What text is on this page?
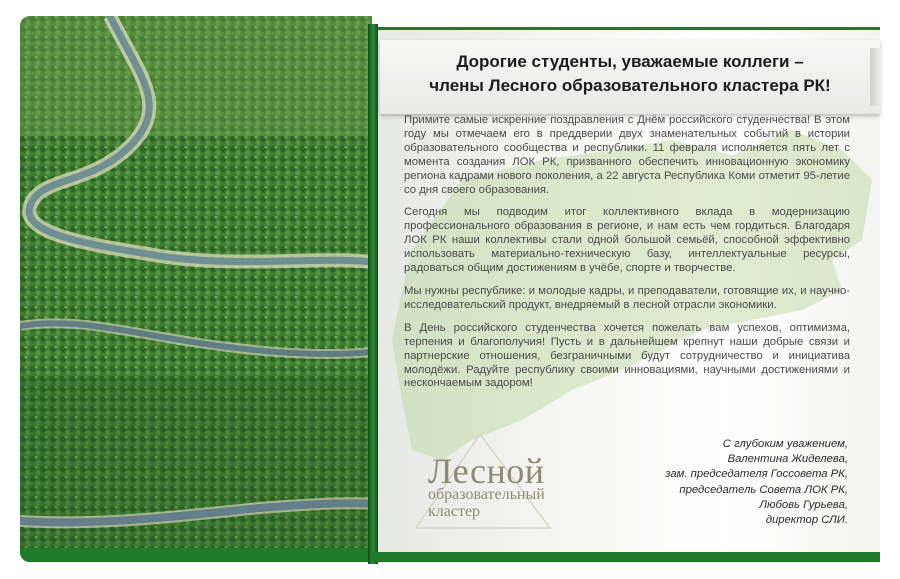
Дорогие студенты, уважаемые коллеги –
члены Лесного образовательного кластера РК!

Примите самые искренние поздравления с Днём российского студенчества! В этом году мы отмечаем его в преддверии двух знаменательных событий в истории образовательного сообщества и республики. 11 февраля исполняется пять лет с момента создания ЛОК РК, призванного обеспечить инновационную экономику региона кадрами нового поколения, а 22 августа Республика Коми отметит 95-летие со дня своего образования.

Сегодня мы подводим итог коллективного вклада в модернизацию профессионального образования в регионе, и нам есть чем гордиться. Благодаря ЛОК РК наши коллективы стали одной большой семьёй, способной эффективно использовать материально-техническую базу, интеллектуальные ресурсы, радоваться общим достижениям в учёбе, спорте и творчестве.

Мы нужны республике: и молодые кадры, и преподаватели, готовящие их, и научно-исследовательский продукт, внедряемый в лесной отрасли экономики.

В День российского студенчества хочется пожелать вам успехов, оптимизма, терпения и благополучия! Пусть и в дальнейшем крепнут наши добрые связи и партнерские отношения, безграничными будут сотрудничество и инициатива молодёжи. Радуйте республику своими инновациями, научными достижениями и нескончаемым задором!

Лесной
образовательный
кластер
С глубоким уважением,
Валентина Жиделева,
зам. председателя Госсовета РК,
председатель Совета ЛОК РК,
Любовь Гурьева,
директор СЛИ.
